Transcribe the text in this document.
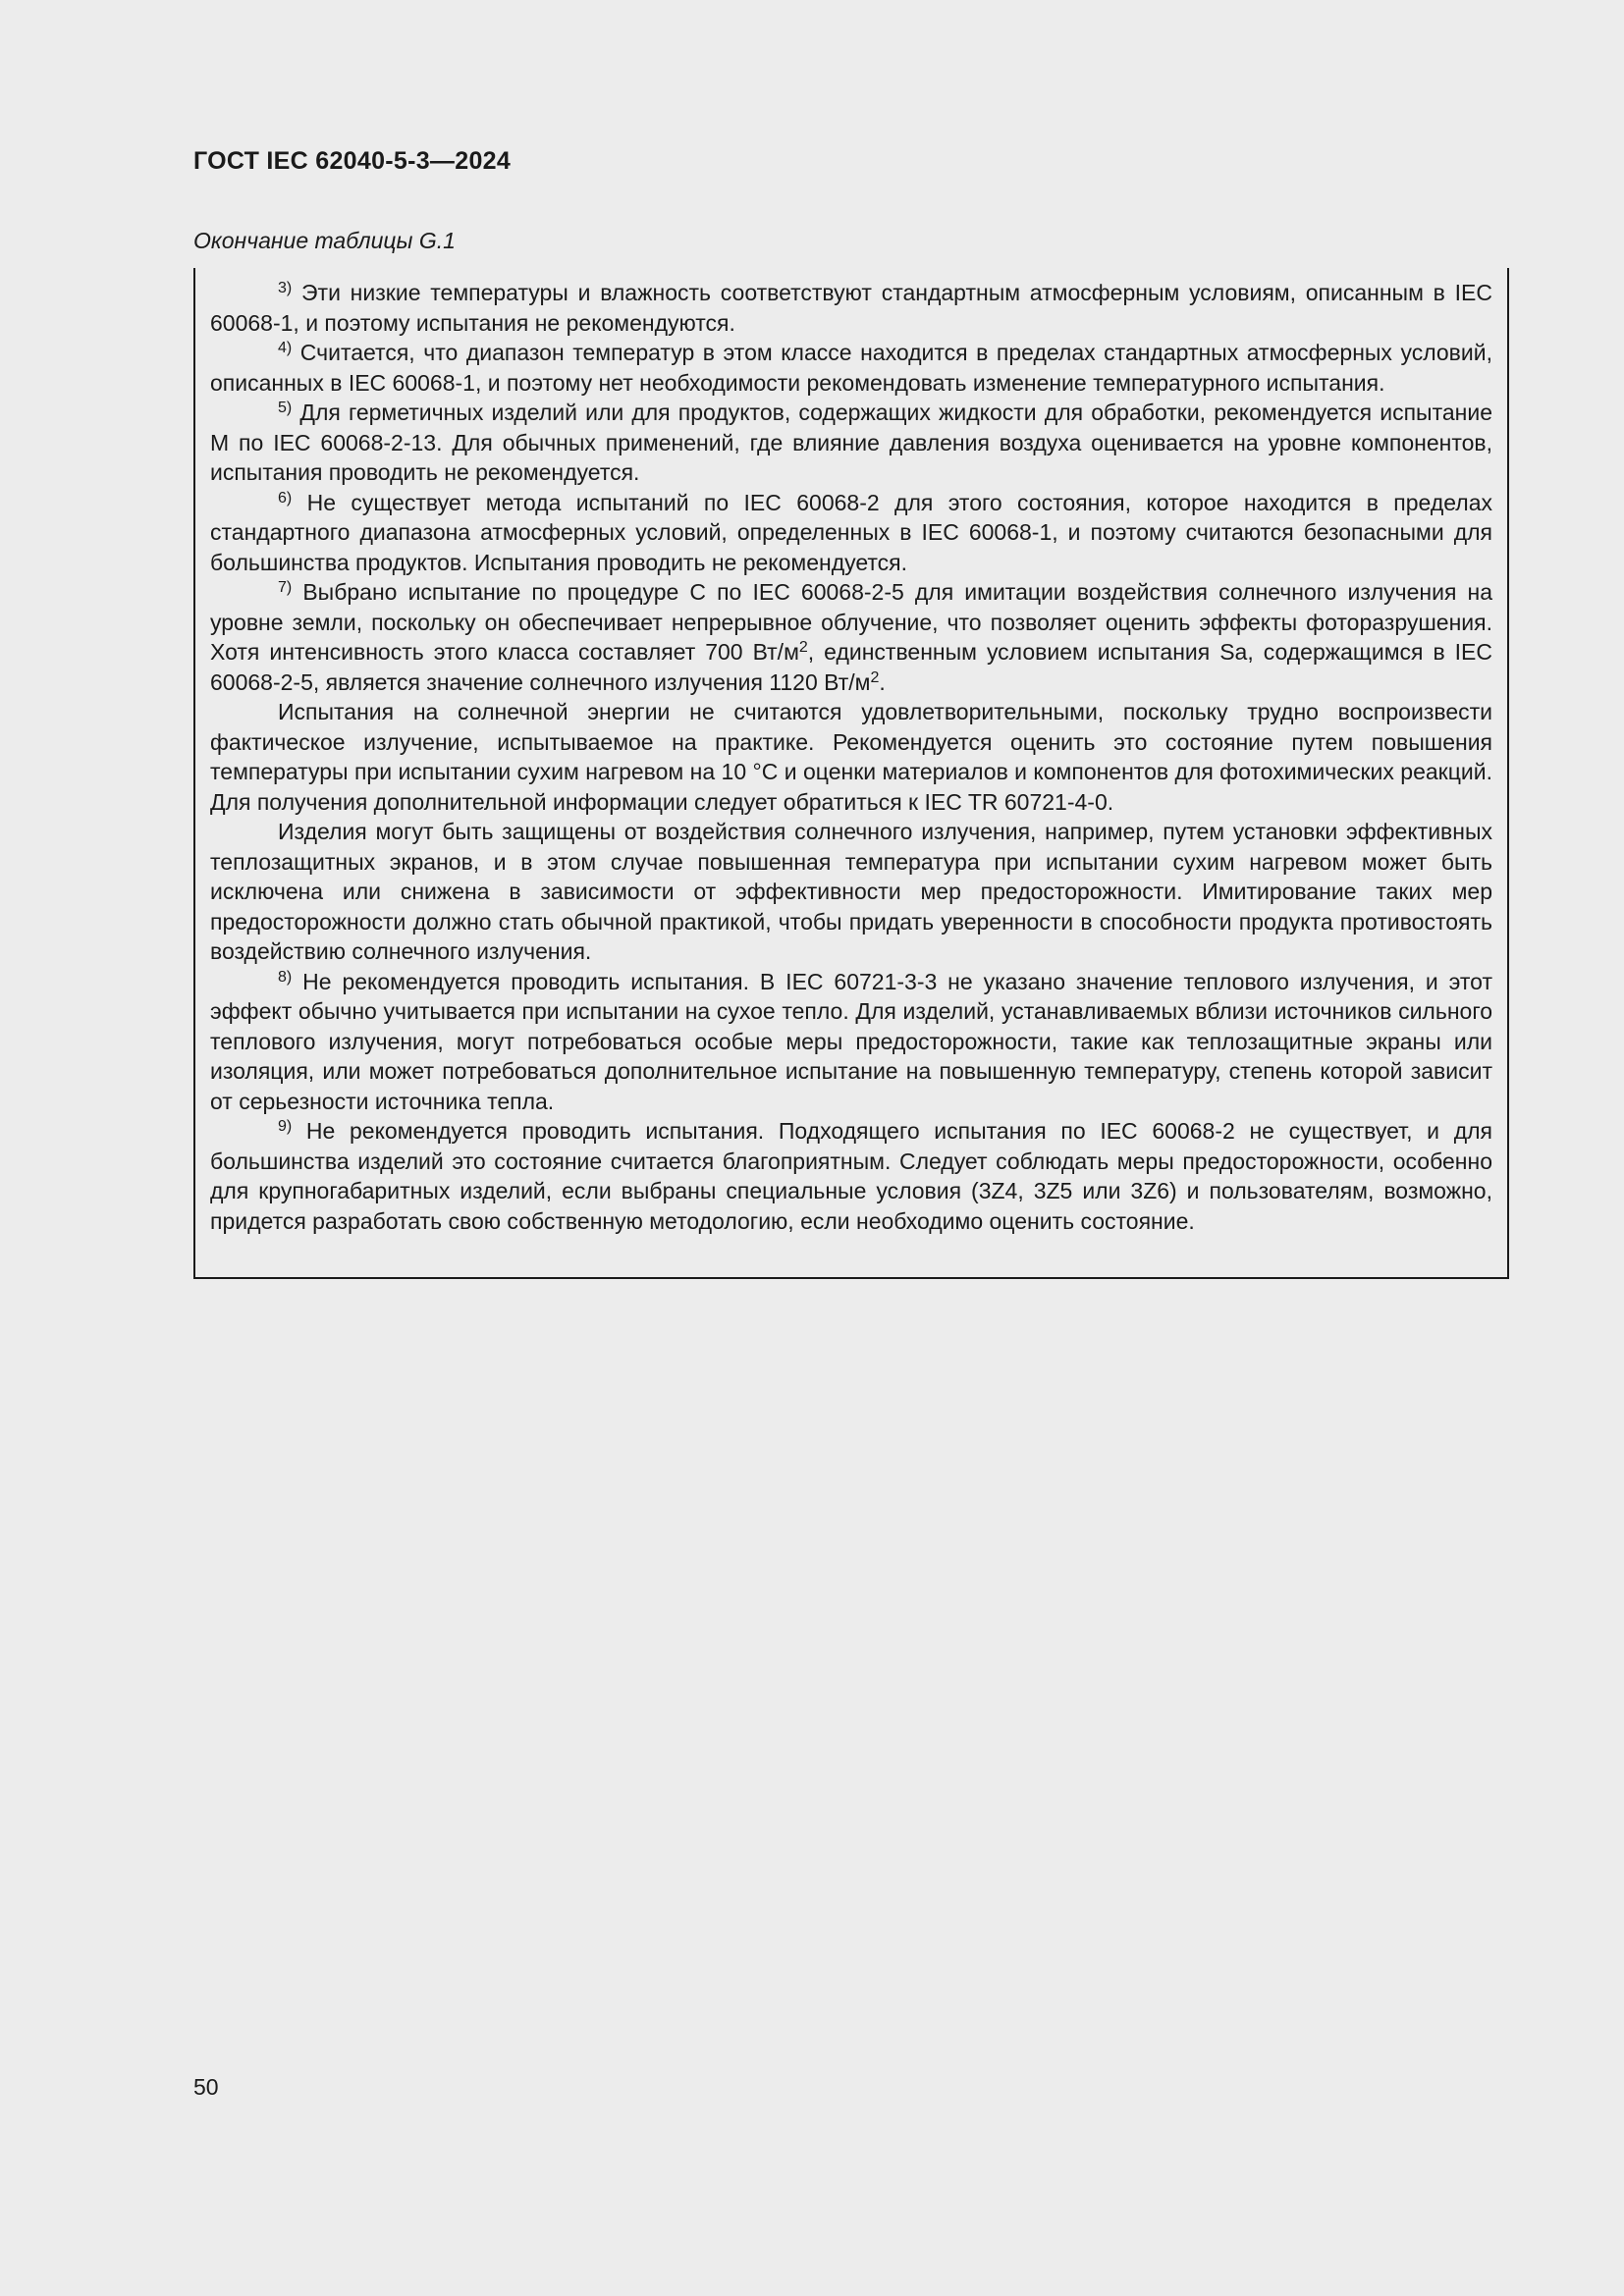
ГОСТ IEC 62040-5-3—2024
Окончание таблицы G.1

$^{3)}$ Эти низкие температуры и влажность соответствуют стандартным атмосферным условиям, описанным в IEC 60068-1, и поэтому испытания не рекомендуются.

$^{4)}$ Считается, что диапазон температур в этом классе находится в пределах стандартных атмосферных условий, описанных в IEC 60068-1, и поэтому нет необходимости рекомендовать изменение температурного испытания.

$^{5)}$ Для герметичных изделий или для продуктов, содержащих жидкости для обработки, рекомендуется испытание M по IEC 60068-2-13. Для обычных применений, где влияние давления воздуха оценивается на уровне компонентов, испытания проводить не рекомендуется.

$^{6)}$ Не существует метода испытаний по IEC 60068-2 для этого состояния, которое находится в пределах стандартного диапазона атмосферных условий, определенных в IEC 60068-1, и поэтому считаются безопасными для большинства продуктов. Испытания проводить не рекомендуется.

$^{7)}$ Выбрано испытание по процедуре С по IEC 60068-2-5 для имитации воздействия солнечного излучения на уровне земли, поскольку он обеспечивает непрерывное облучение, что позволяет оценить эффекты фоторазрушения. Хотя интенсивность этого класса составляет 700 $Вт/м^2$, единственным условием испытания Sa, содержащимся в IEC 60068-2-5, является значение солнечного излучения 1120 $Вт/м^2$.

Испытания на солнечной энергии не считаются удовлетворительными, поскольку трудно воспроизвести фактическое излучение, испытываемое на практике. Рекомендуется оценить это состояние путем повышения температуры при испытании сухим нагревом на 10 °С и оценки материалов и компонентов для фотохимических реакций. Для получения дополнительной информации следует обратиться к IEC TR 60721-4-0.

Изделия могут быть защищены от воздействия солнечного излучения, например, путем установки эффективных теплозащитных экранов, и в этом случае повышенная температура при испытании сухим нагревом может быть исключена или снижена в зависимости от эффективности мер предосторожности. Имитирование таких мер предосторожности должно стать обычной практикой, чтобы придать уверенности в способности продукта противостоять воздействию солнечного излучения.

$^{8)}$ Не рекомендуется проводить испытания. В IEC 60721-3-3 не указано значение теплового излучения, и этот эффект обычно учитывается при испытании на сухое тепло. Для изделий, устанавливаемых вблизи источников сильного теплового излучения, могут потребоваться особые меры предосторожности, такие как теплозащитные экраны или изоляция, или может потребоваться дополнительное испытание на повышенную температуру, степень которой зависит от серьезности источника тепла.

$^{9)}$ Не рекомендуется проводить испытания. Подходящего испытания по IEC 60068-2 не существует, и для большинства изделий это состояние считается благоприятным. Следует соблюдать меры предосторожности, особенно для крупногабаритных изделий, если выбраны специальные условия (3Z4, 3Z5 или 3Z6) и пользователям, возможно, придется разработать свою собственную методологию, если необходимо оценить состояние.

50
